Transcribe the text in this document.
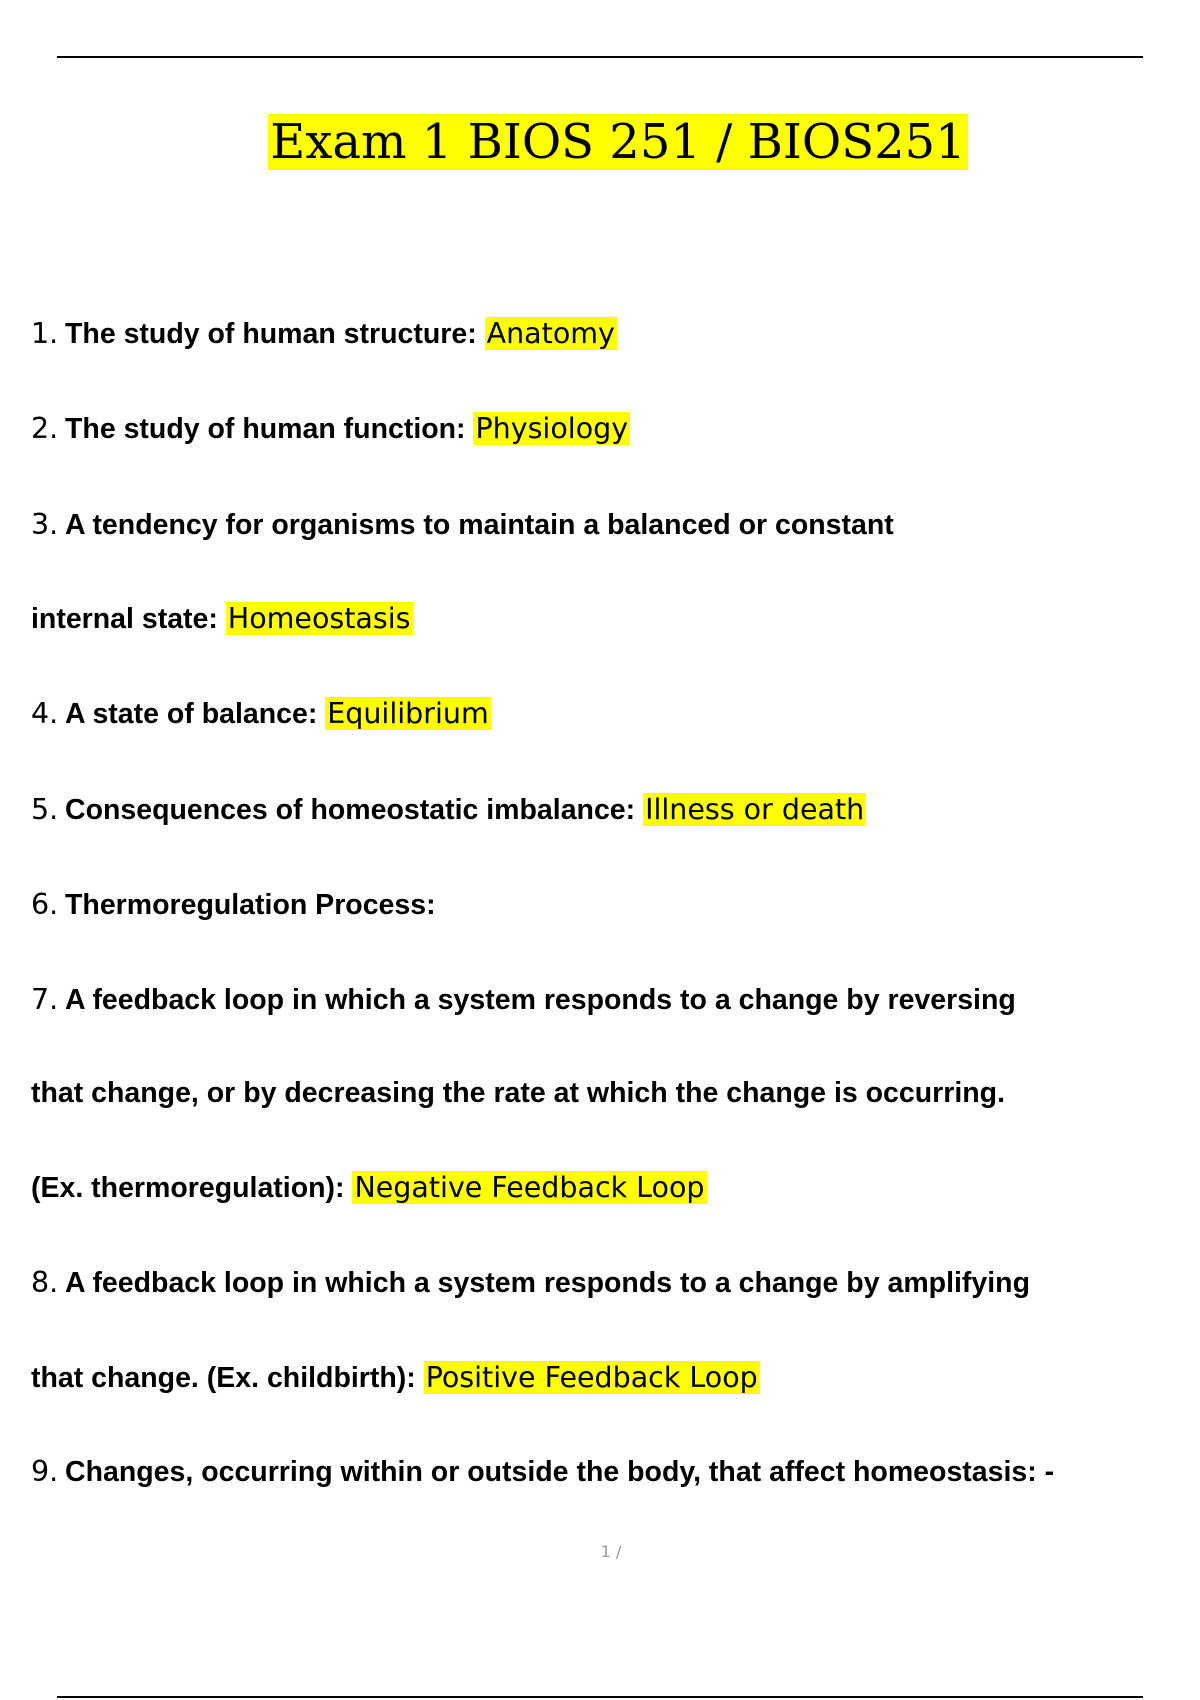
Exam 1 BIOS 251 / BIOS251
1. The study of human structure: Anatomy
2. The study of human function: Physiology
3. A tendency for organisms to maintain a balanced or constant
internal state: Homeostasis
4. A state of balance: Equilibrium
5. Consequences of homeostatic imbalance: Illness or death
6. Thermoregulation Process:
7. A feedback loop in which a system responds to a change by reversing
that change, or by decreasing the rate at which the change is occurring.
(Ex. thermoregulation): Negative Feedback Loop
8. A feedback loop in which a system responds to a change by amplifying
that change. (Ex. childbirth): Positive Feedback Loop
9. Changes, occurring within or outside the body, that affect homeostasis: -
1 /
